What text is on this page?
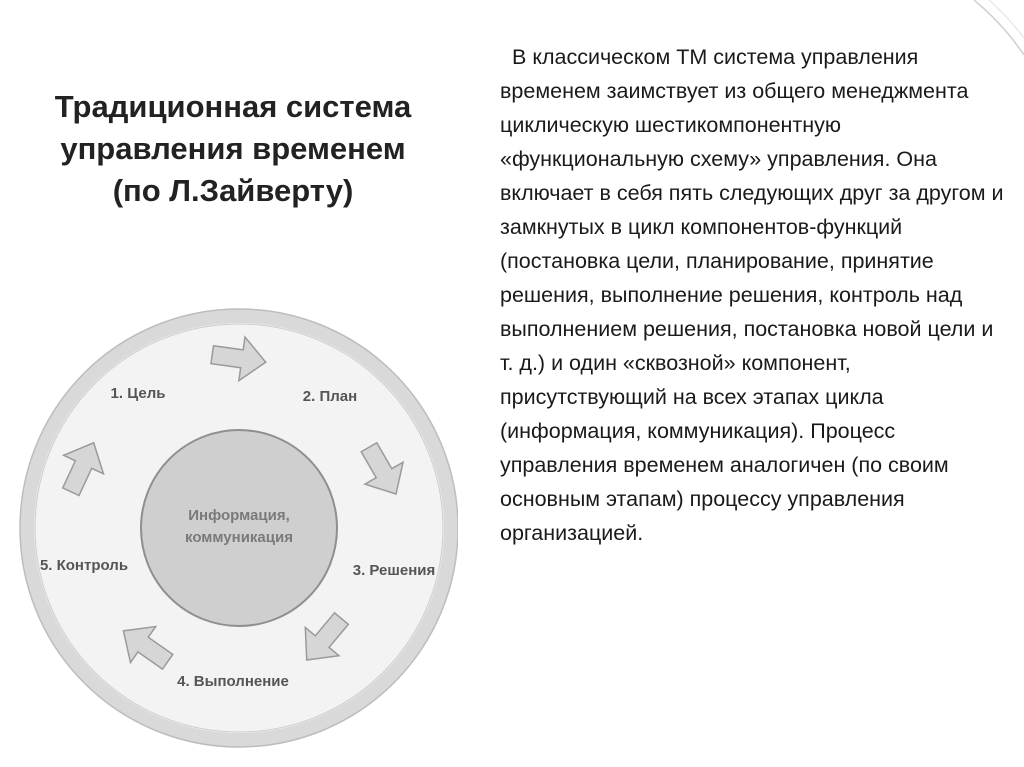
Традиционная система
управления временем
(по Л.Зайверту)

В классическом ТМ система управления временем заимствует из общего менеджмента циклическую шестикомпонентную «функциональную схему» управления. Она включает в себя пять следующих друг за другом и замкнутых в цикл компонентов-функций (постановка цели, планирование, принятие решения, выполнение решения, контроль над выполнением решения, постановка новой цели и т. д.) и один «сквозной» компонент, присутствующий на всех этапах цикла (информация, коммуникация). Процесс управления временем аналогичен (по своим основным этапам) процессу управления организацией.

Информация,
коммуникация
1. Цель	2. План
3. Решения
4. Выполнение
5. Контроль
